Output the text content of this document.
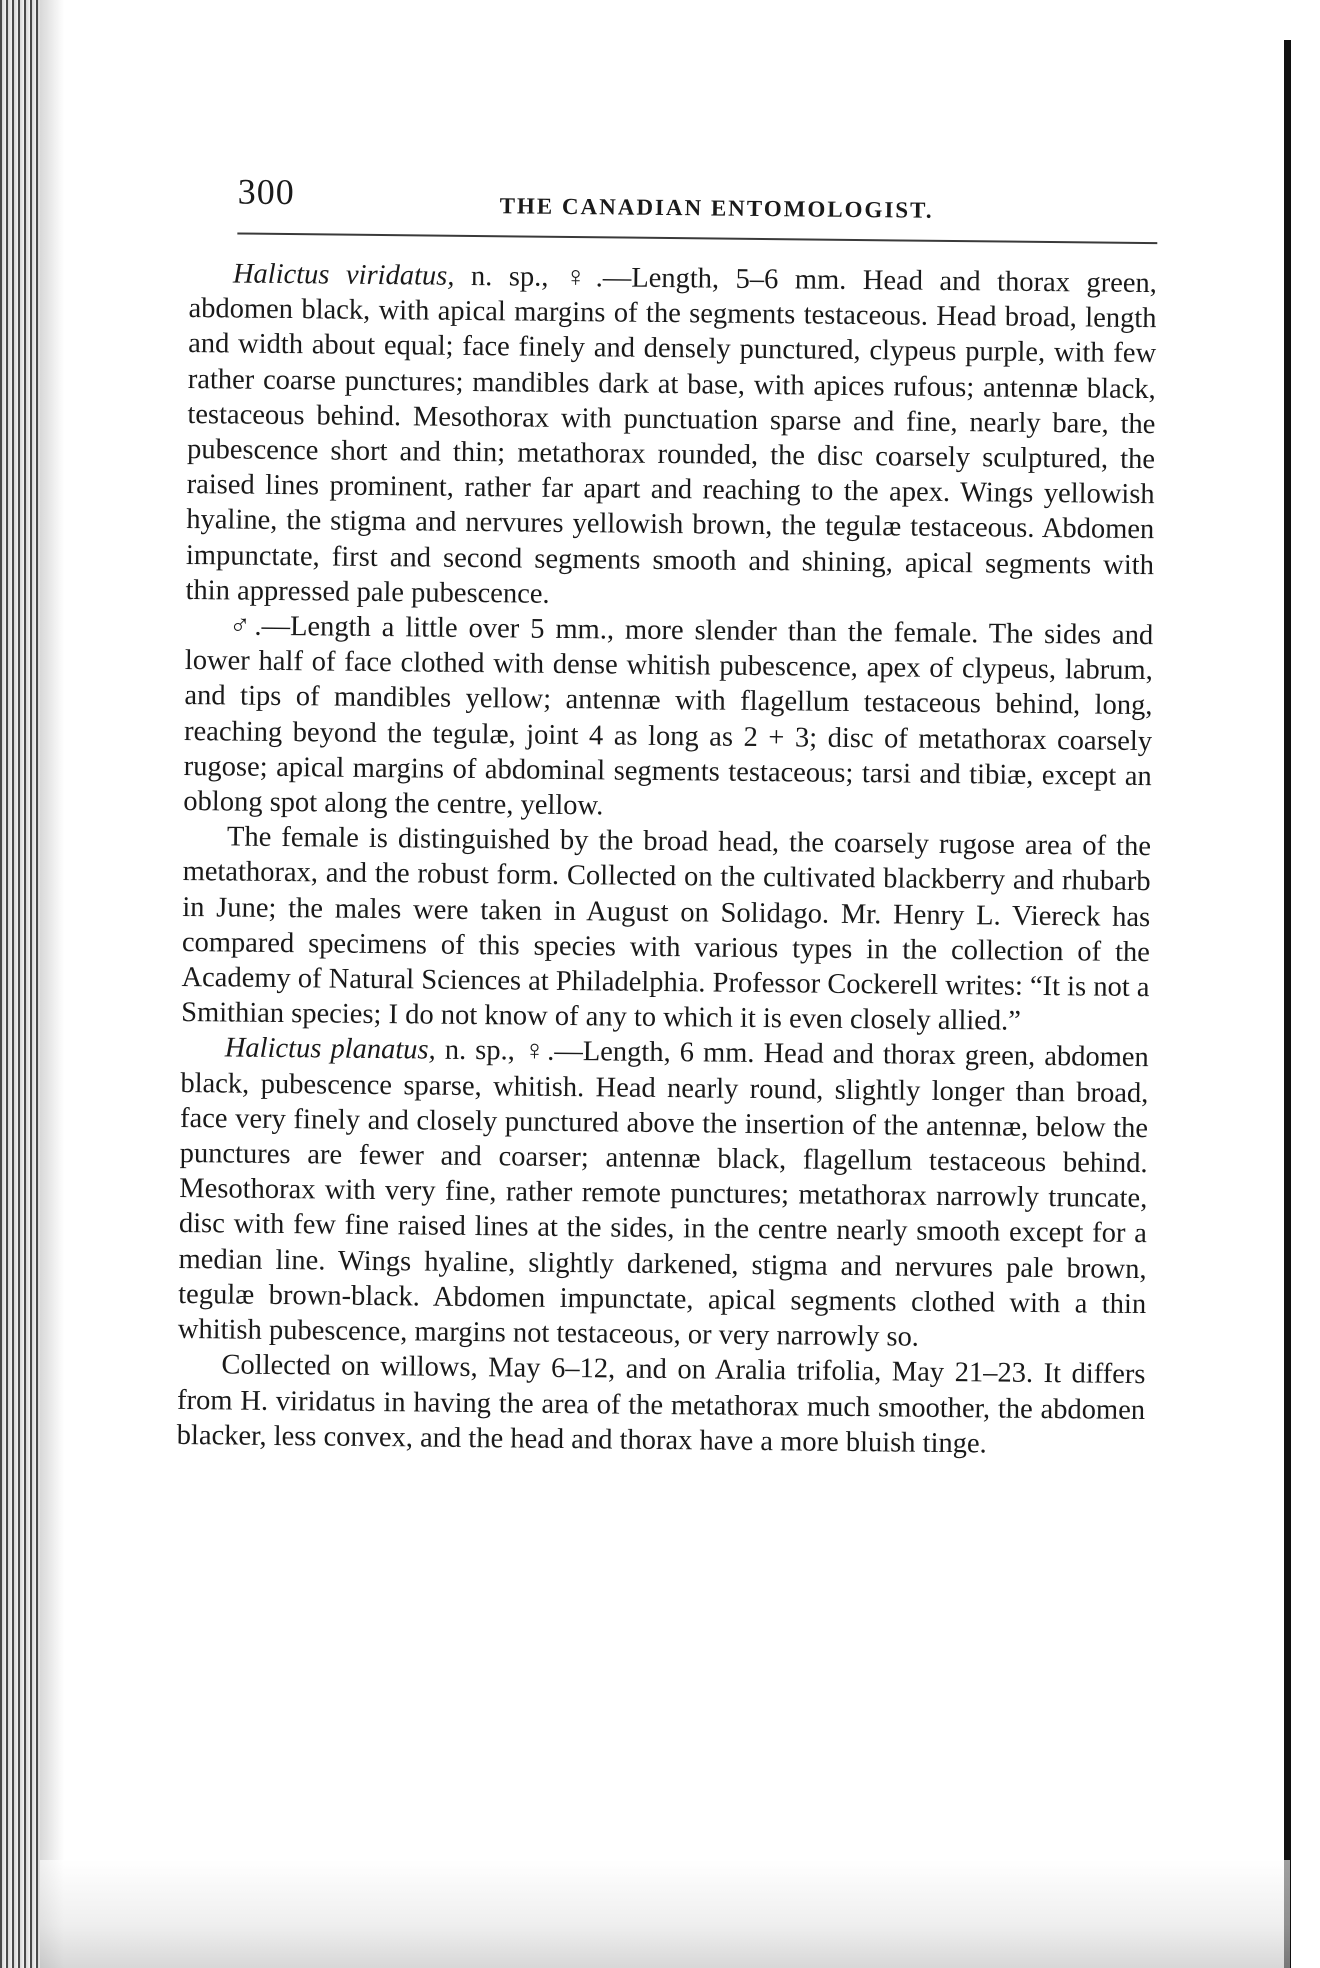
300	THE CANADIAN ENTOMOLOGIST.

Halictus viridatus, n. sp., ♀.—Length, 5–6 mm. Head and thorax green, abdomen black, with apical margins of the segments testaceous. Head broad, length and width about equal; face finely and densely punctured, clypeus purple, with few rather coarse punctures; mandibles dark at base, with apices rufous; antennæ black, testaceous behind. Mesothorax with punctuation sparse and fine, nearly bare, the pubescence short and thin; metathorax rounded, the disc coarsely sculptured, the raised lines prominent, rather far apart and reaching to the apex. Wings yellowish hyaline, the stigma and nervures yellowish brown, the tegulæ testaceous. Abdomen impunctate, first and second segments smooth and shining, apical segments with thin appressed pale pubescence.

♂.—Length a little over 5 mm., more slender than the female. The sides and lower half of face clothed with dense whitish pubescence, apex of clypeus, labrum, and tips of mandibles yellow; antennæ with flagellum testaceous behind, long, reaching beyond the tegulæ, joint 4 as long as 2 + 3; disc of metathorax coarsely rugose; apical margins of abdominal segments testaceous; tarsi and tibiæ, except an oblong spot along the centre, yellow.

The female is distinguished by the broad head, the coarsely rugose area of the metathorax, and the robust form. Collected on the cultivated blackberry and rhubarb in June; the males were taken in August on Solidago. Mr. Henry L. Viereck has compared specimens of this species with various types in the collection of the Academy of Natural Sciences at Philadelphia. Professor Cockerell writes: “It is not a Smithian species; I do not know of any to which it is even closely allied.”

Halictus planatus, n. sp., ♀.—Length, 6 mm. Head and thorax green, abdomen black, pubescence sparse, whitish. Head nearly round, slightly longer than broad, face very finely and closely punctured above the insertion of the antennæ, below the punctures are fewer and coarser; antennæ black, flagellum testaceous behind. Mesothorax with very fine, rather remote punctures; metathorax narrowly truncate, disc with few fine raised lines at the sides, in the centre nearly smooth except for a median line. Wings hyaline, slightly darkened, stigma and nervures pale brown, tegulæ brown-black. Abdomen impunctate, apical segments clothed with a thin whitish pubescence, margins not testaceous, or very narrowly so.

Collected on willows, May 6–12, and on Aralia trifolia, May 21–23. It differs from H. viridatus in having the area of the metathorax much smoother, the abdomen blacker, less convex, and the head and thorax have a more bluish tinge.
